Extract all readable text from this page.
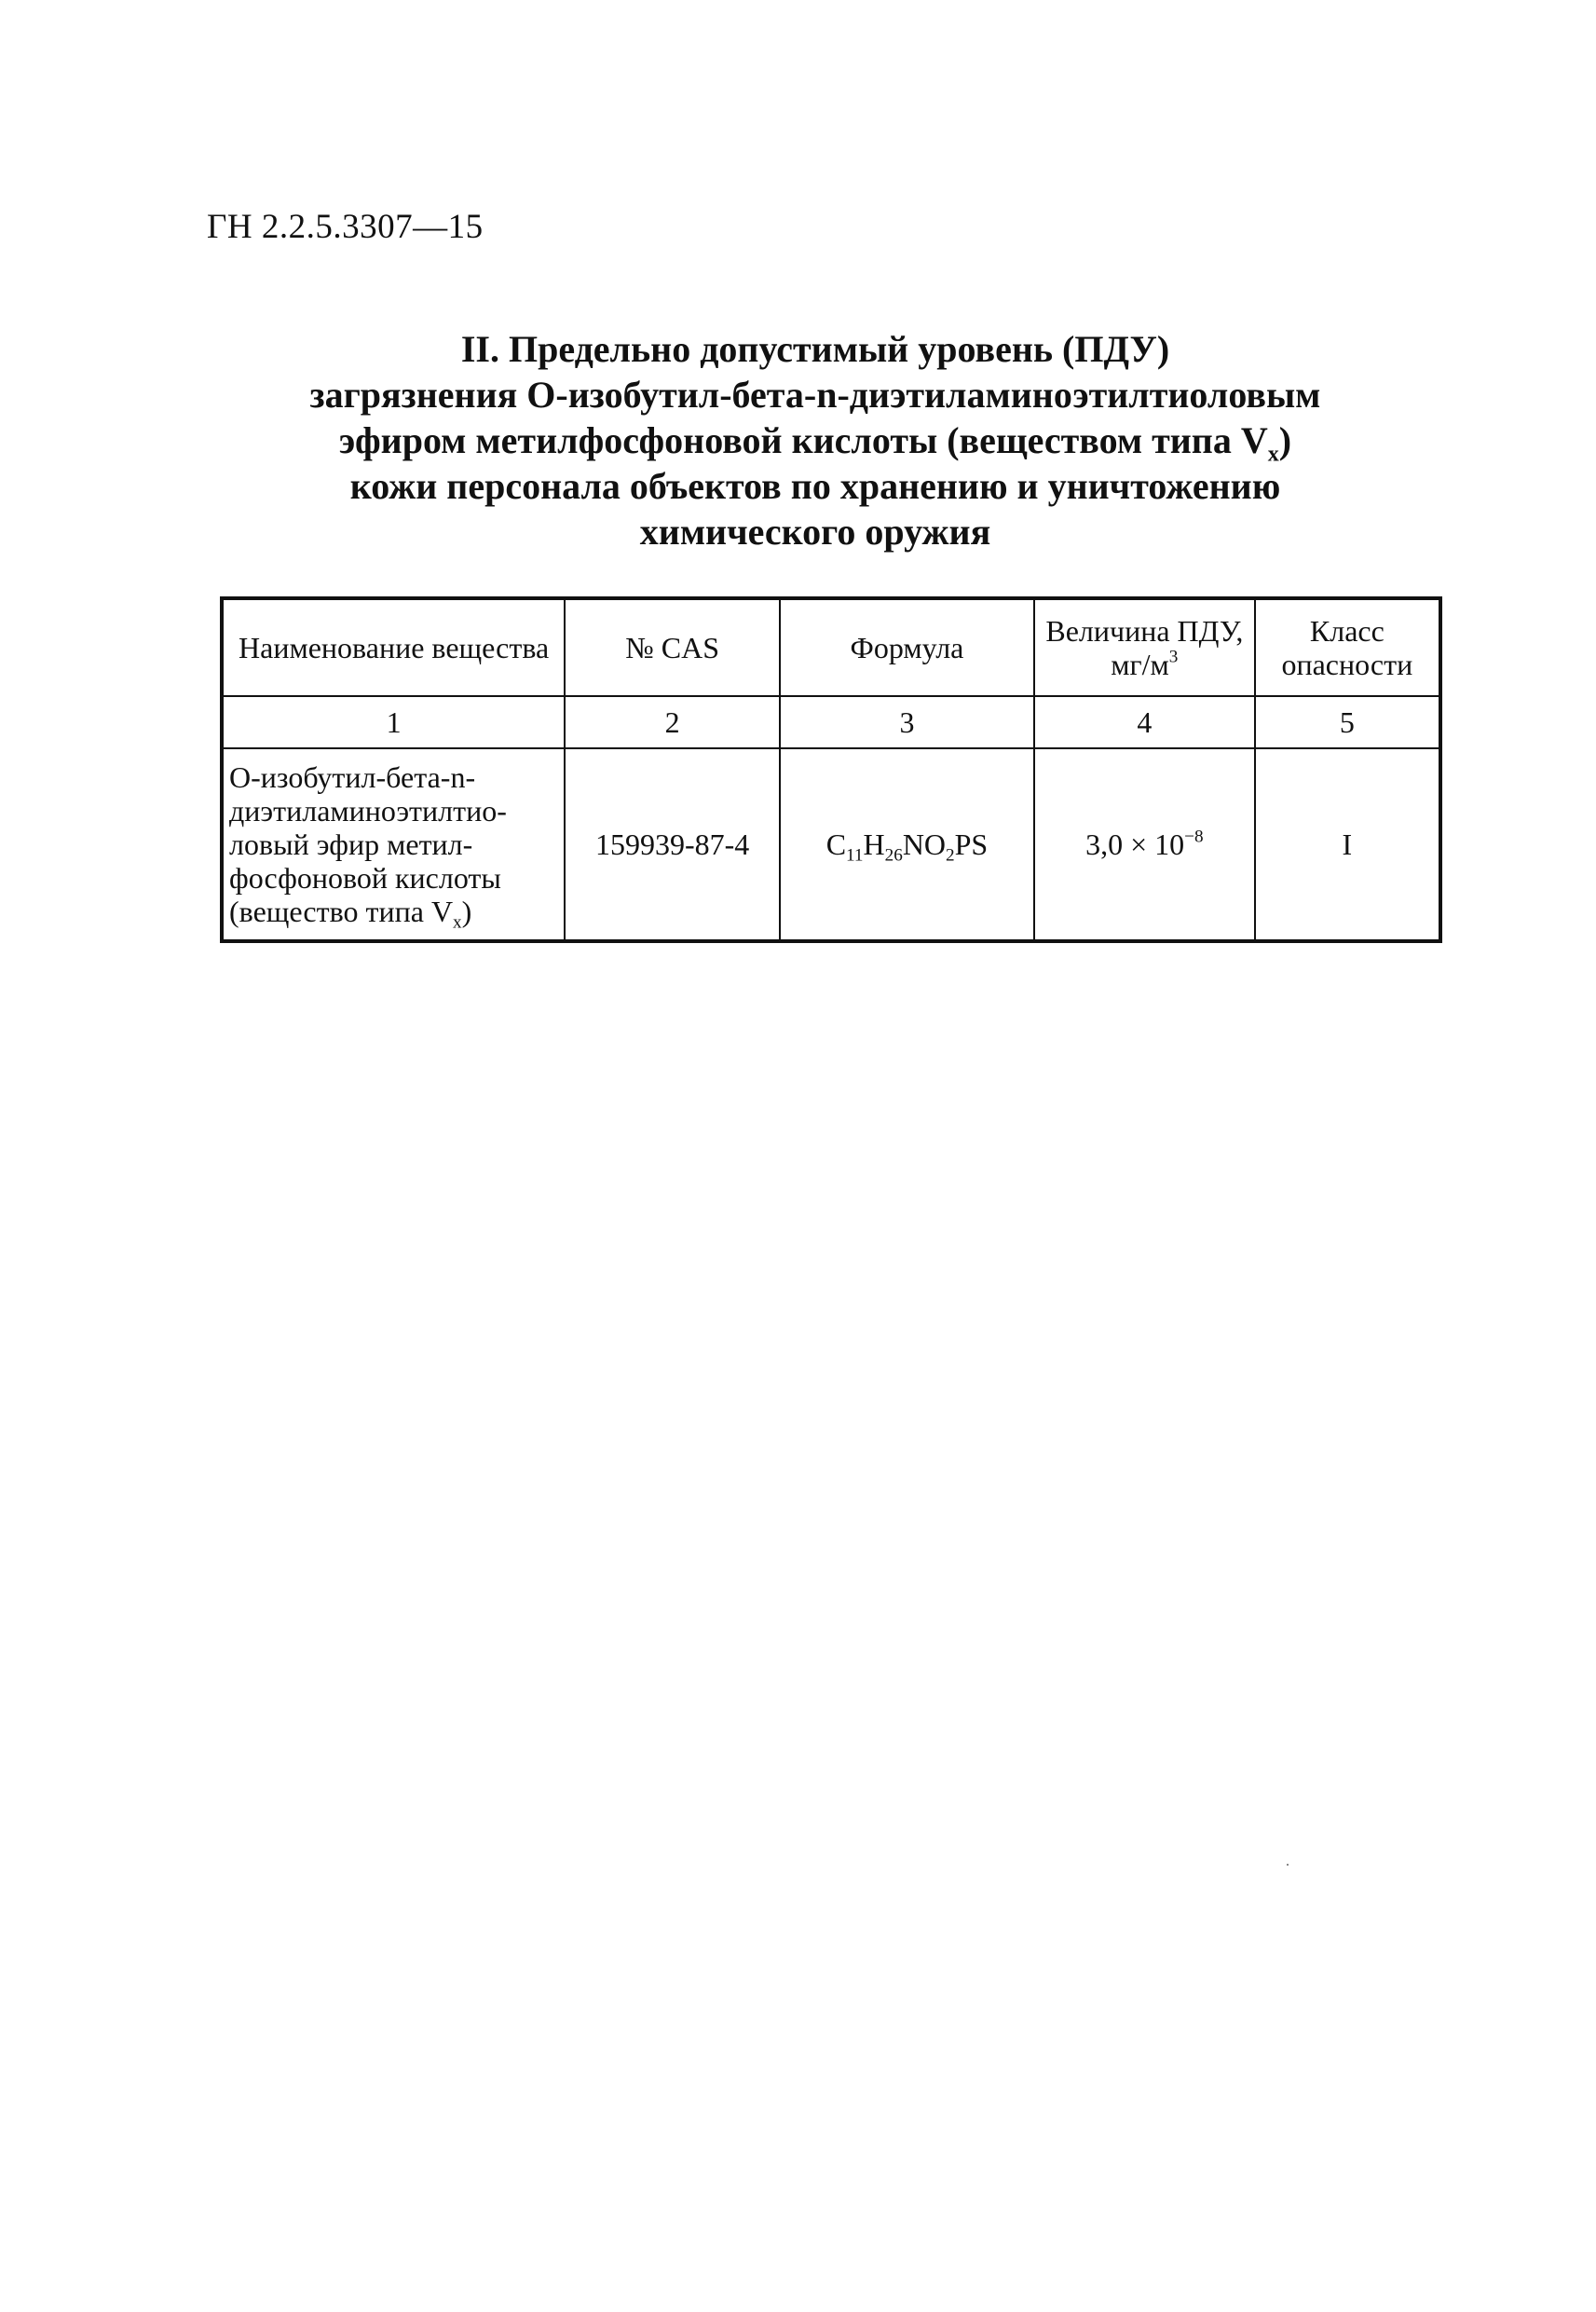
ГН 2.2.5.3307—15
II. Предельно допустимый уровень (ПДУ)
загрязнения О-изобутил-бета-n-диэтиламиноэтилтиоловым
эфиром метилфосфоновой кислоты (веществом типа $V_x$)
кожи персонала объектов по хранению и уничтожению
химического оружия
Наименование вещества	№ CAS	Формула	Величина ПДУ, $мг/м^3$	Класс опасности
1	2	3	4	5

О-изобутил-бета-n-
диэтиламиноэтилтио-
ловый эфир метил-
фосфоновой кислоты
(вещество типа $V_x$)	159939-87-4	$C_{11}H_{26}NO_2PS$	$3,0 \times 10^{-8}$	I
